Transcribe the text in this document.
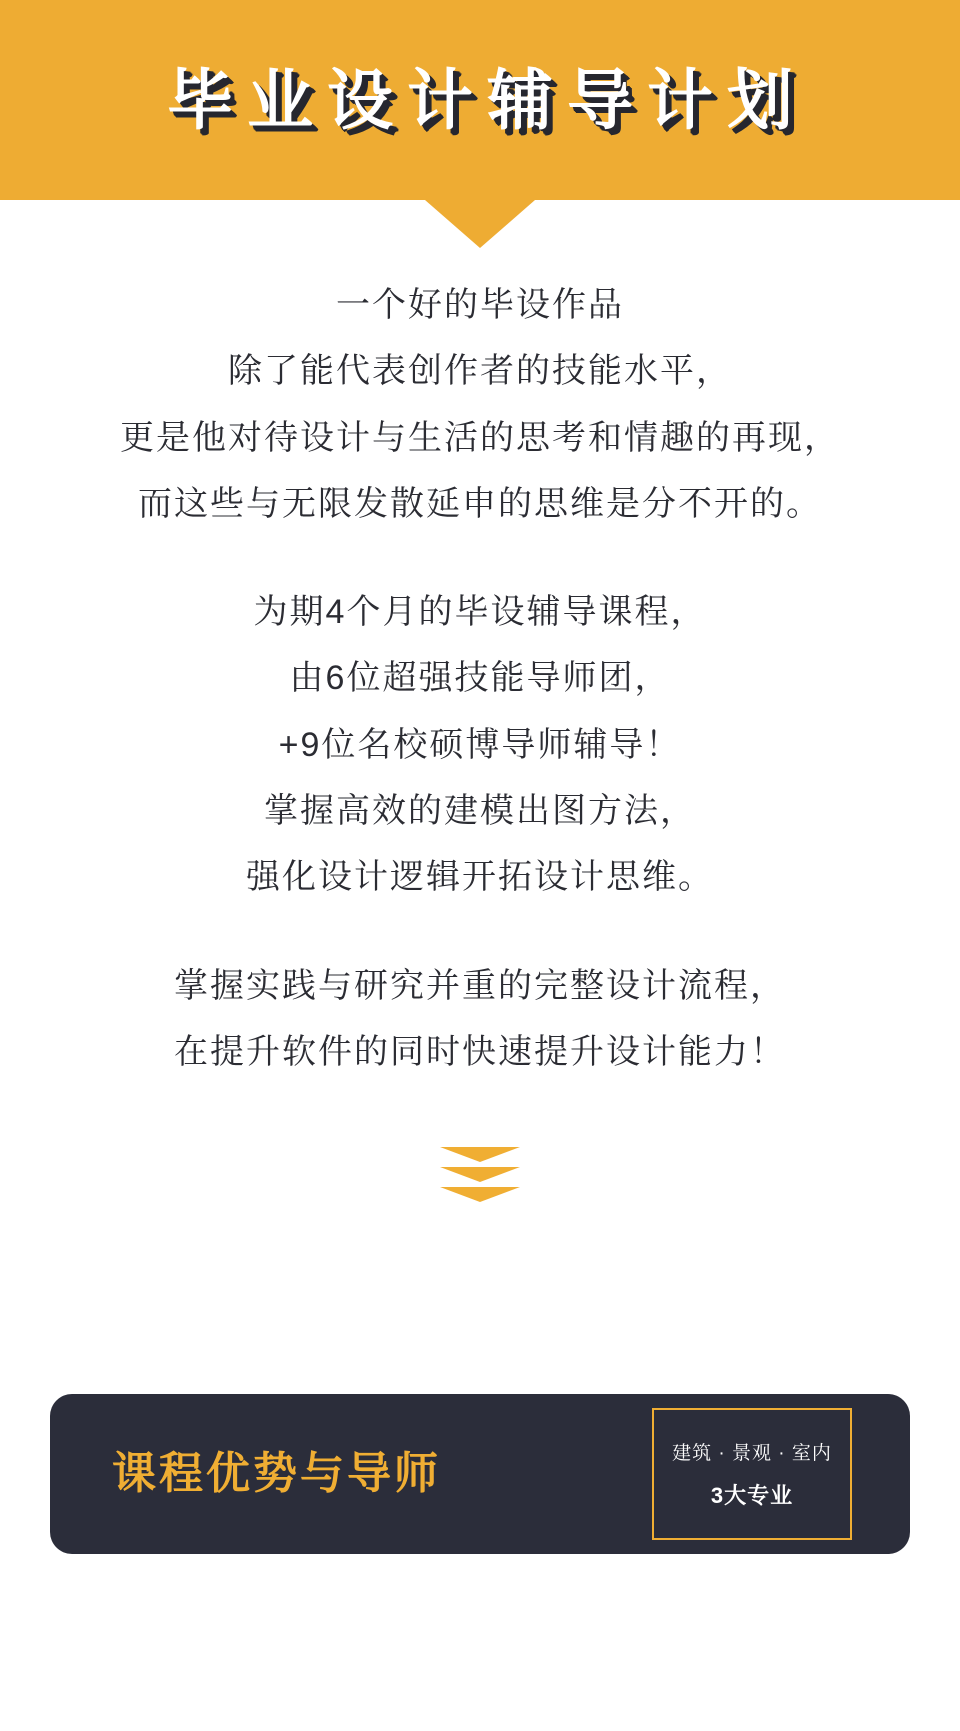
毕业设计辅导计划
一个好的毕设作品
除了能代表创作者的技能水平，
更是他对待设计与生活的思考和情趣的再现，
而这些与无限发散延申的思维是分不开的。
为期4个月的毕设辅导课程，
由6位超强技能导师团，
+9位名校硕博导师辅导！
掌握高效的建模出图方法，
强化设计逻辑开拓设计思维。
掌握实践与研究并重的完整设计流程，
在提升软件的同时快速提升设计能力！
课程优势与导师	建筑 · 景观 · 室内
3大专业
